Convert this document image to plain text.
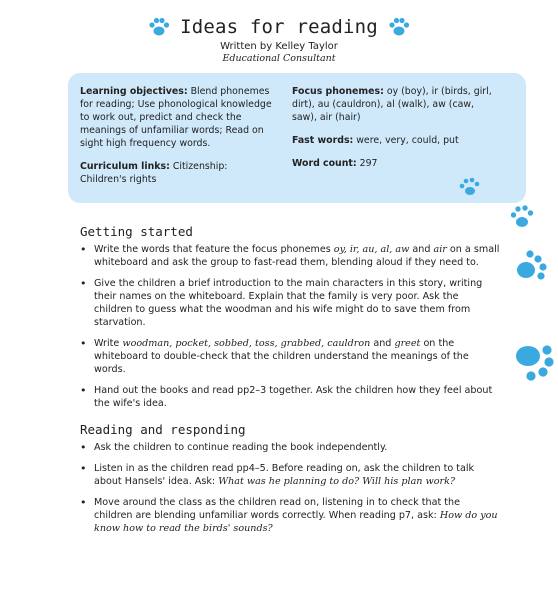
Ideas for reading
Written by Kelley Taylor
Educational Consultant

Learning objectives: Blend phonemes for reading; Use phonological knowledge to work out, predict and check the meanings of unfamiliar words; Read on sight high frequency words.

Curriculum links: Citizenship: Children's rights

Focus phonemes: oy (boy), ir (birds, girl, dirt), au (cauldron), al (walk), aw (caw, saw), air (hair)

Fast words: were, very, could, put

Word count: 297

Getting started
• Write the words that feature the focus phonemes oy, ir, au, al, aw and air on a small whiteboard and ask the group to fast-read them, blending aloud if they need to.
• Give the children a brief introduction to the main characters in this story, writing their names on the whiteboard. Explain that the family is very poor. Ask the children to guess what the woodman and his wife might do to save them from starvation.
• Write woodman, pocket, sobbed, toss, grabbed, cauldron and greet on the whiteboard to double-check that the children understand the meanings of the words.
• Hand out the books and read pp2–3 together. Ask the children how they feel about the wife's idea.
Reading and responding
• Ask the children to continue reading the book independently.
• Listen in as the children read pp4–5. Before reading on, ask the children to talk about Hansels' idea. Ask: What was he planning to do? Will his plan work?
• Move around the class as the children read on, listening in to check that the children are blending unfamiliar words correctly. When reading p7, ask: How do you know how to read the birds' sounds?
